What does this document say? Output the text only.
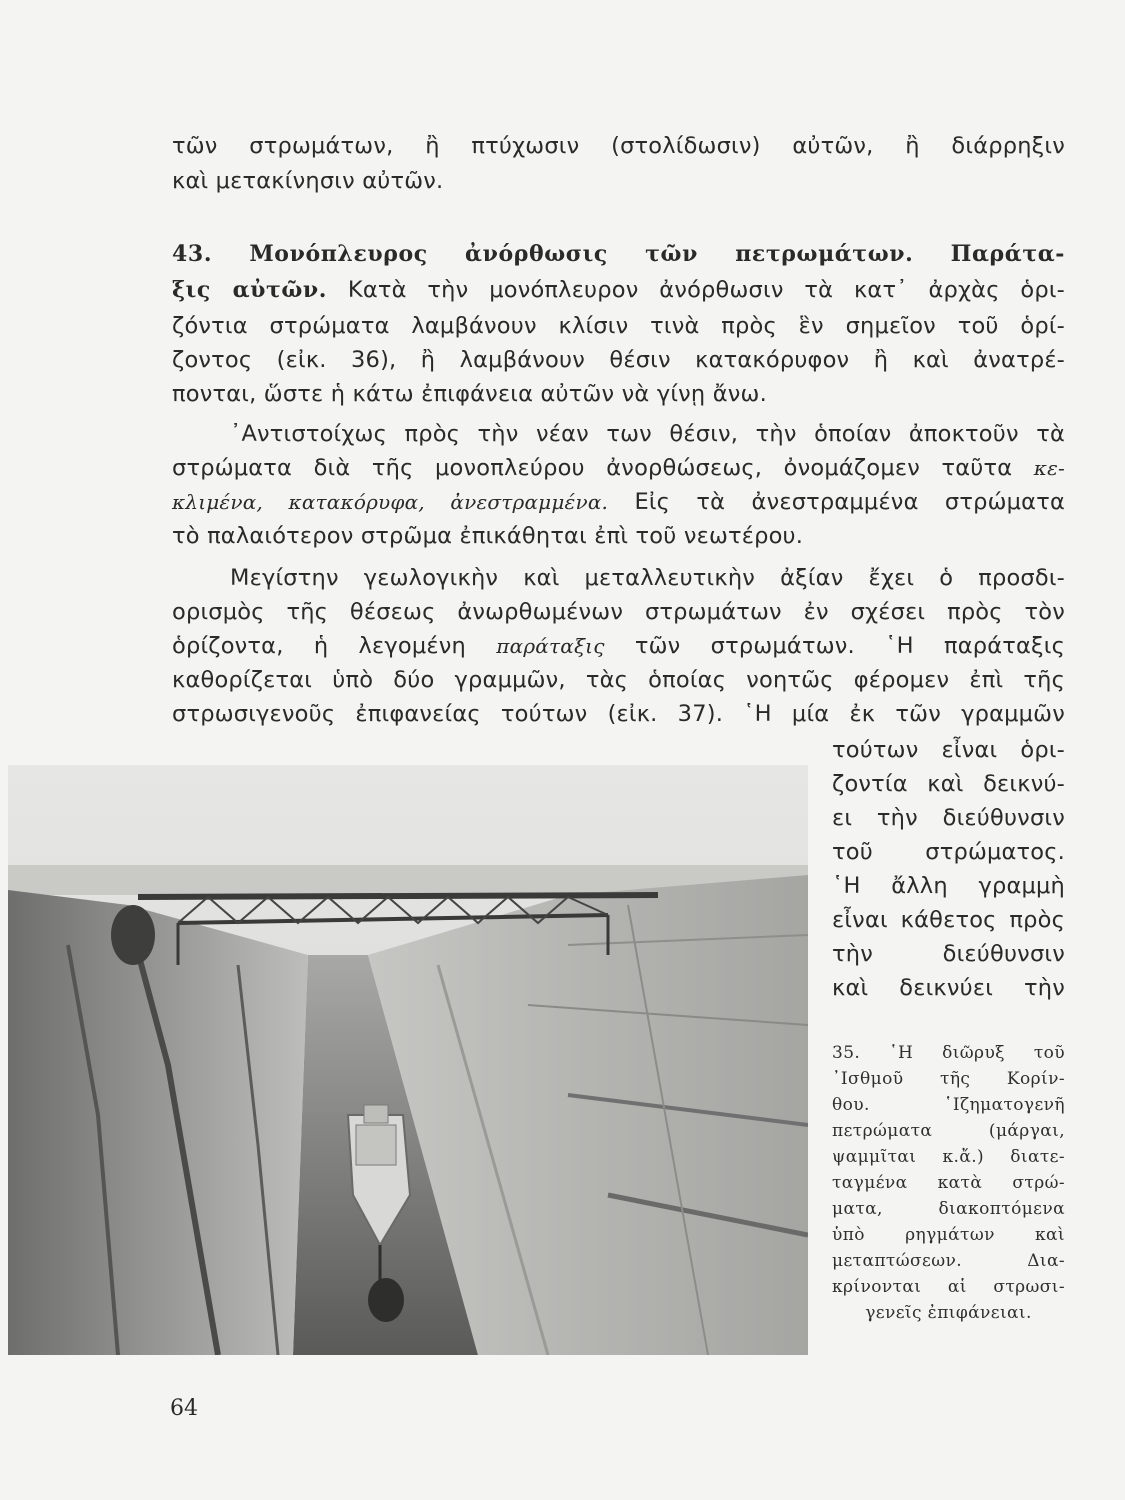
τῶν στρωμάτων, ἢ πτύχωσιν (στολίδωσιν) αὐτῶν, ἢ διάρρηξιν
καὶ μετακίνησιν αὐτῶν.
43. Μονόπλευρος ἀνόρθωσις τῶν πετρωμάτων. Παράτα-
ξις αὐτῶν. Κατὰ τὴν μονόπλευρον ἀνόρθωσιν τὰ κατ᾽ ἀρχὰς ὁρι-
ζόντια στρώματα λαμβάνουν κλίσιν τινὰ πρὸς ἓν σημεῖον τοῦ ὁρί-
ζοντος (εἰκ. 36), ἢ λαμβάνουν θέσιν κατακόρυφον ἢ καὶ ἀνατρέ-
πονται, ὥστε ἡ κάτω ἐπιφάνεια αὐτῶν νὰ γίνῃ ἄνω.
᾽Αντιστοίχως πρὸς τὴν νέαν των θέσιν, τὴν ὁποίαν ἀποκτοῦν τὰ
στρώματα διὰ τῆς μονοπλεύρου ἀνορθώσεως, ὀνομάζομεν ταῦτα κε-
κλιμένα, κατακόρυφα, ἀνεστραμμένα. Εἰς τὰ ἀνεστραμμένα στρώματα
τὸ παλαιότερον στρῶμα ἐπικάθηται ἐπὶ τοῦ νεωτέρου.
Μεγίστην γεωλογικὴν καὶ μεταλλευτικὴν ἀξίαν ἔχει ὁ προσδι-
ορισμὸς τῆς θέσεως ἀνωρθωμένων στρωμάτων ἐν σχέσει πρὸς τὸν
ὁρίζοντα, ἡ λεγομένη παράταξις τῶν στρωμάτων. ῾Η παράταξις
καθορίζεται ὑπὸ δύο γραμμῶν, τὰς ὁποίας νοητῶς φέρομεν ἐπὶ τῆς
στρωσιγενοῦς ἐπιφανείας τούτων (εἰκ. 37). ῾Η μία ἐκ τῶν γραμμῶν
τούτων εἶναι ὁρι-
ζοντία καὶ δεικνύ-
ει τὴν διεύθυνσιν
τοῦ στρώματος.
῾Η ἄλλη γραμμὴ
εἶναι κάθετος πρὸς
τὴν διεύθυνσιν
καὶ δεικνύει τὴν
35. ῾Η διῶρυξ τοῦ
᾽Ισθμοῦ τῆς Κορίν-
θου. ῾Ιζηματογενῆ
πετρώματα (μάργαι,
ψαμμῖται κ.ἄ.) διατε-
ταγμένα κατὰ στρώ-
ματα, διακοπτόμενα
ὑπὸ ρηγμάτων καὶ
μεταπτώσεων. Δια-
κρίνονται αἱ στρωσι-
γενεῖς ἐπιφάνειαι.
64
